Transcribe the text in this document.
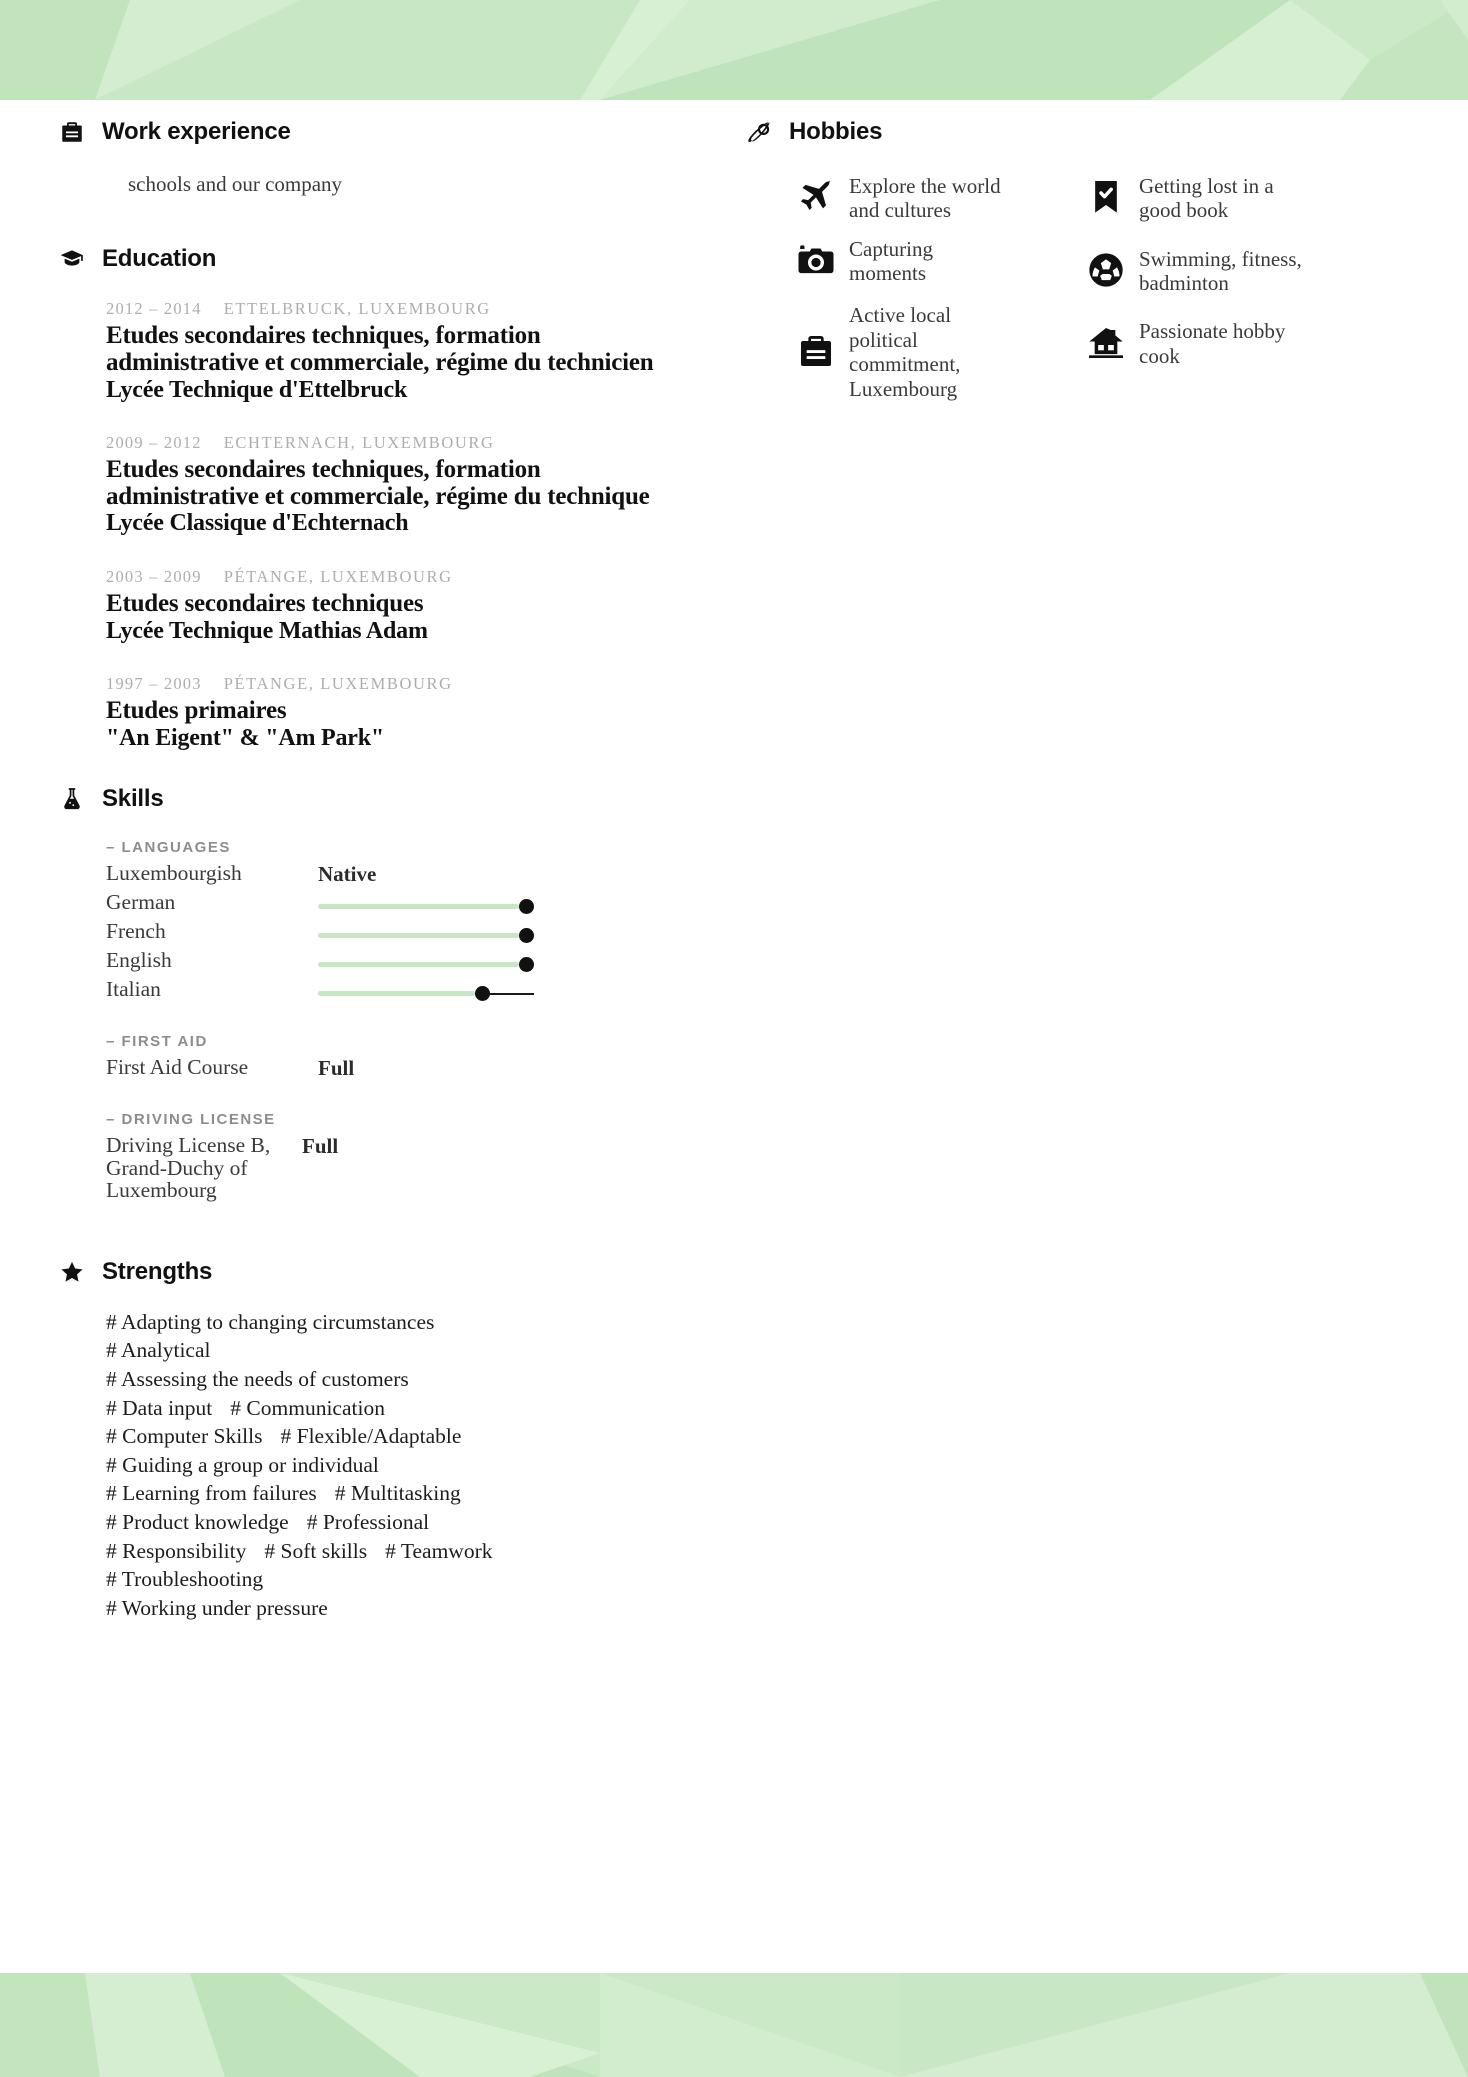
Work experience
schools and our company
Education
2012 – 2014 ETTELBRUCK, LUXEMBOURG
Etudes secondaires techniques, formation administrative et commerciale, régime du technicien
Lycée Technique d'Ettelbruck
2009 – 2012 ECHTERNACH, LUXEMBOURG
Etudes secondaires techniques, formation administrative et commerciale, régime du technique
Lycée Classique d'Echternach
2003 – 2009 PÉTANGE, LUXEMBOURG
Etudes secondaires techniques
Lycée Technique Mathias Adam
1997 – 2003 PÉTANGE, LUXEMBOURG
Etudes primaires
"An Eigent" & "Am Park"
Skills
– LANGUAGES
Luxembourgish	Native
German
French
English
Italian
– FIRST AID
First Aid Course	Full
– DRIVING LICENSE
Driving License B, Grand-Duchy of Luxembourg
Full
Strengths
# Adapting to changing circumstances
# Analytical
# Assessing the needs of customers
# Data input # Communication
# Computer Skills # Flexible/Adaptable
# Guiding a group or individual
# Learning from failures # Multitasking
# Product knowledge # Professional
# Responsibility # Soft skills # Teamwork
# Troubleshooting
# Working under pressure
Hobbies
Explore the world and cultures
Capturing moments
Active local political commitment, Luxembourg
Getting lost in a good book
Swimming, fitness, badminton
Passionate hobby cook
